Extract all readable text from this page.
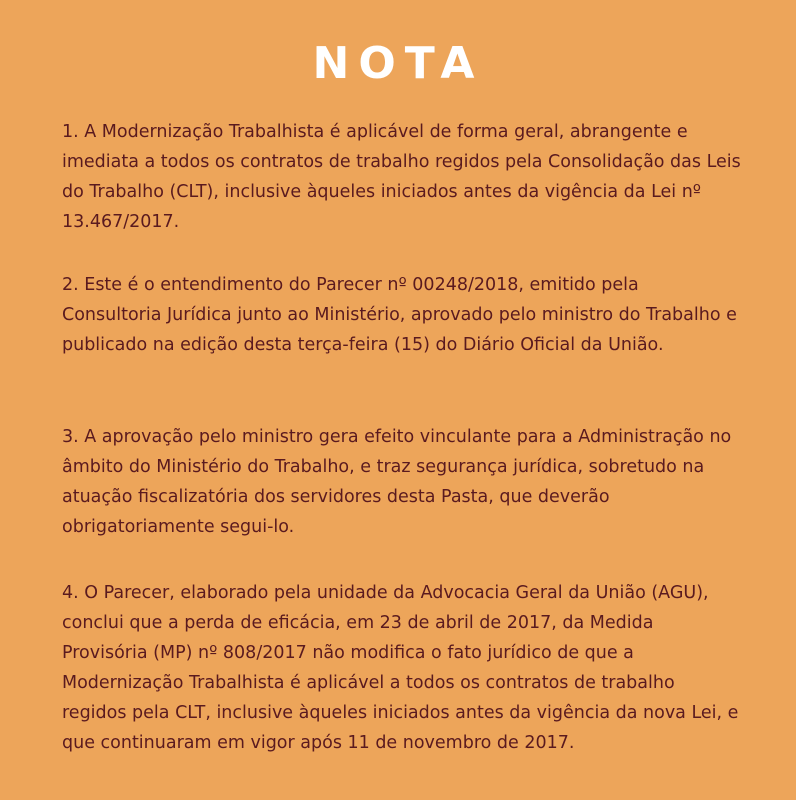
NOTA
1. A Modernização Trabalhista é aplicável de forma geral, abrangente e imediata a todos os contratos de trabalho regidos pela Consolidação das Leis do Trabalho (CLT), inclusive àqueles iniciados antes da vigência da Lei nº 13.467/2017.
2. Este é o entendimento do Parecer nº 00248/2018, emitido pela Consultoria Jurídica junto ao Ministério, aprovado pelo ministro do Trabalho e publicado na edição desta terça-feira (15) do Diário Oficial da União.
3. A aprovação pelo ministro gera efeito vinculante para a Administração no âmbito do Ministério do Trabalho, e traz segurança jurídica, sobretudo na atuação fiscalizatória dos servidores desta Pasta, que deverão obrigatoriamente segui-lo.
4. O Parecer, elaborado pela unidade da Advocacia Geral da União (AGU), conclui que a perda de eficácia, em 23 de abril de 2017, da Medida Provisória (MP) nº 808/2017 não modifica o fato jurídico de que a Modernização Trabalhista é aplicável a todos os contratos de trabalho regidos pela CLT, inclusive àqueles iniciados antes da vigência da nova Lei, e que continuaram em vigor após 11 de novembro de 2017.
